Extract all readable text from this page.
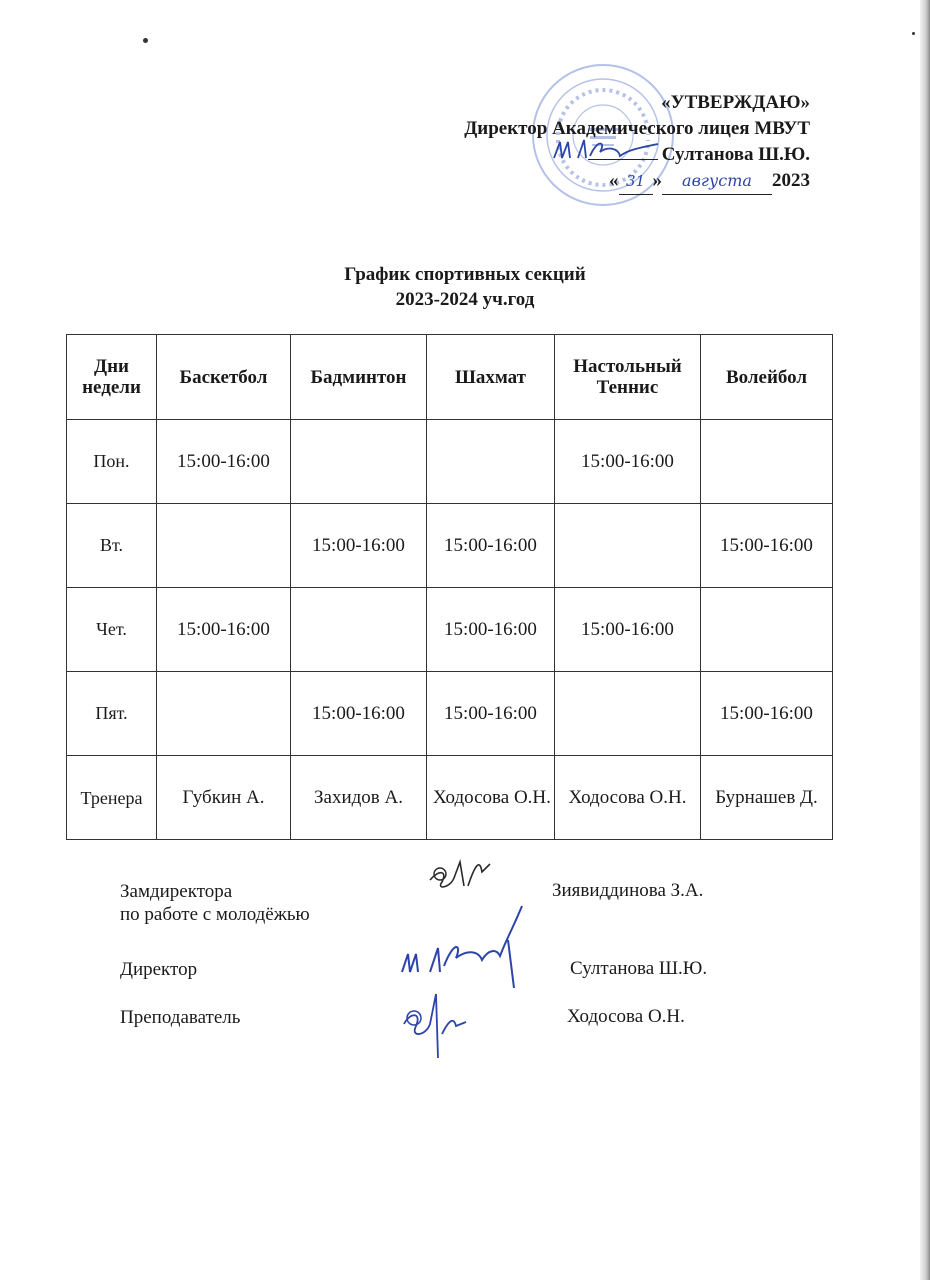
«УТВЕРЖДАЮ»
Директор Академического лицея МВУТ
Султанова Ш.Ю.
« 31 » августа 2023
График спортивных секций
2023-2024 уч.год
Дни недели	Баскетбол	Бадминтон	Шахмат	Настольный Теннис	Волейбол
Пон.	15:00-16:00			15:00-16:00	
Вт.		15:00-16:00	15:00-16:00		15:00-16:00
Чет.	15:00-16:00		15:00-16:00	15:00-16:00	
Пят.		15:00-16:00	15:00-16:00		15:00-16:00
Тренера	Губкин А.	Захидов А.	Ходосова О.Н.	Ходосова О.Н.	Бурнашев Д.
Замдиректора
по работе с молодёжью
Зиявиддинова З.А.
Директор	Султанова Ш.Ю.
Преподаватель	Ходосова О.Н.
